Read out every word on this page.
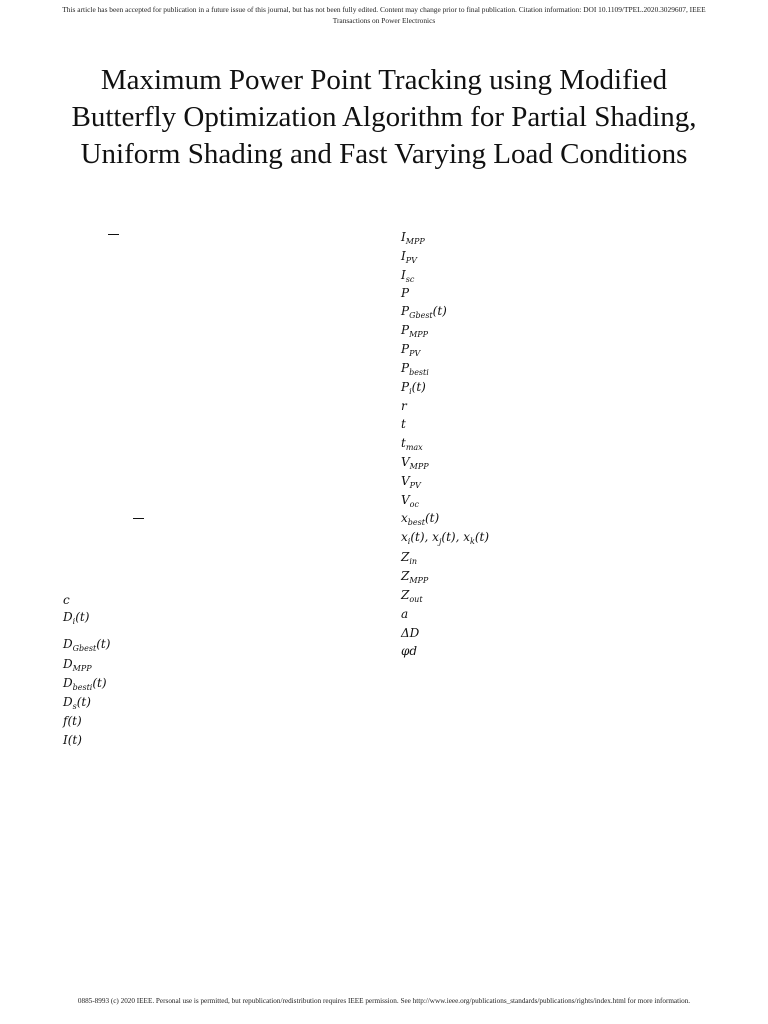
This article has been accepted for publication in a future issue of this journal, but has not been fully edited. Content may change prior to final publication. Citation information: DOI 10.1109/TPEL.2020.3029607, IEEE
Transactions on Power Electronics
Maximum Power Point Tracking using Modified
Butterfly Optimization Algorithm for Partial Shading,
Uniform Shading and Fast Varying Load Conditions
c
$D_i(t)$
$D_{Gbest}(t)$
$D_{MPP}$
$D_{besti}(t)$
$D_s(t)$
f(t)
I(t)
$I_{MPP}$
$I_{PV}$
$I_{sc}$
P
$P_{Gbest}(t)$
$P_{MPP}$
$P_{PV}$
$P_{besti}$
$P_i(t)$
r
t
$t_{max}$
$V_{MPP}$
$V_{PV}$
$V_{oc}$
$x_{best}(t)$
$x_i(t)$, $x_j(t)$, $x_k(t)$
$Z_{in}$
$Z_{MPP}$
$Z_{out}$
a
ΔD
φd
0885-8993 (c) 2020 IEEE. Personal use is permitted, but republication/redistribution requires IEEE permission. See http://www.ieee.org/publications_standards/publications/rights/index.html for more information.
